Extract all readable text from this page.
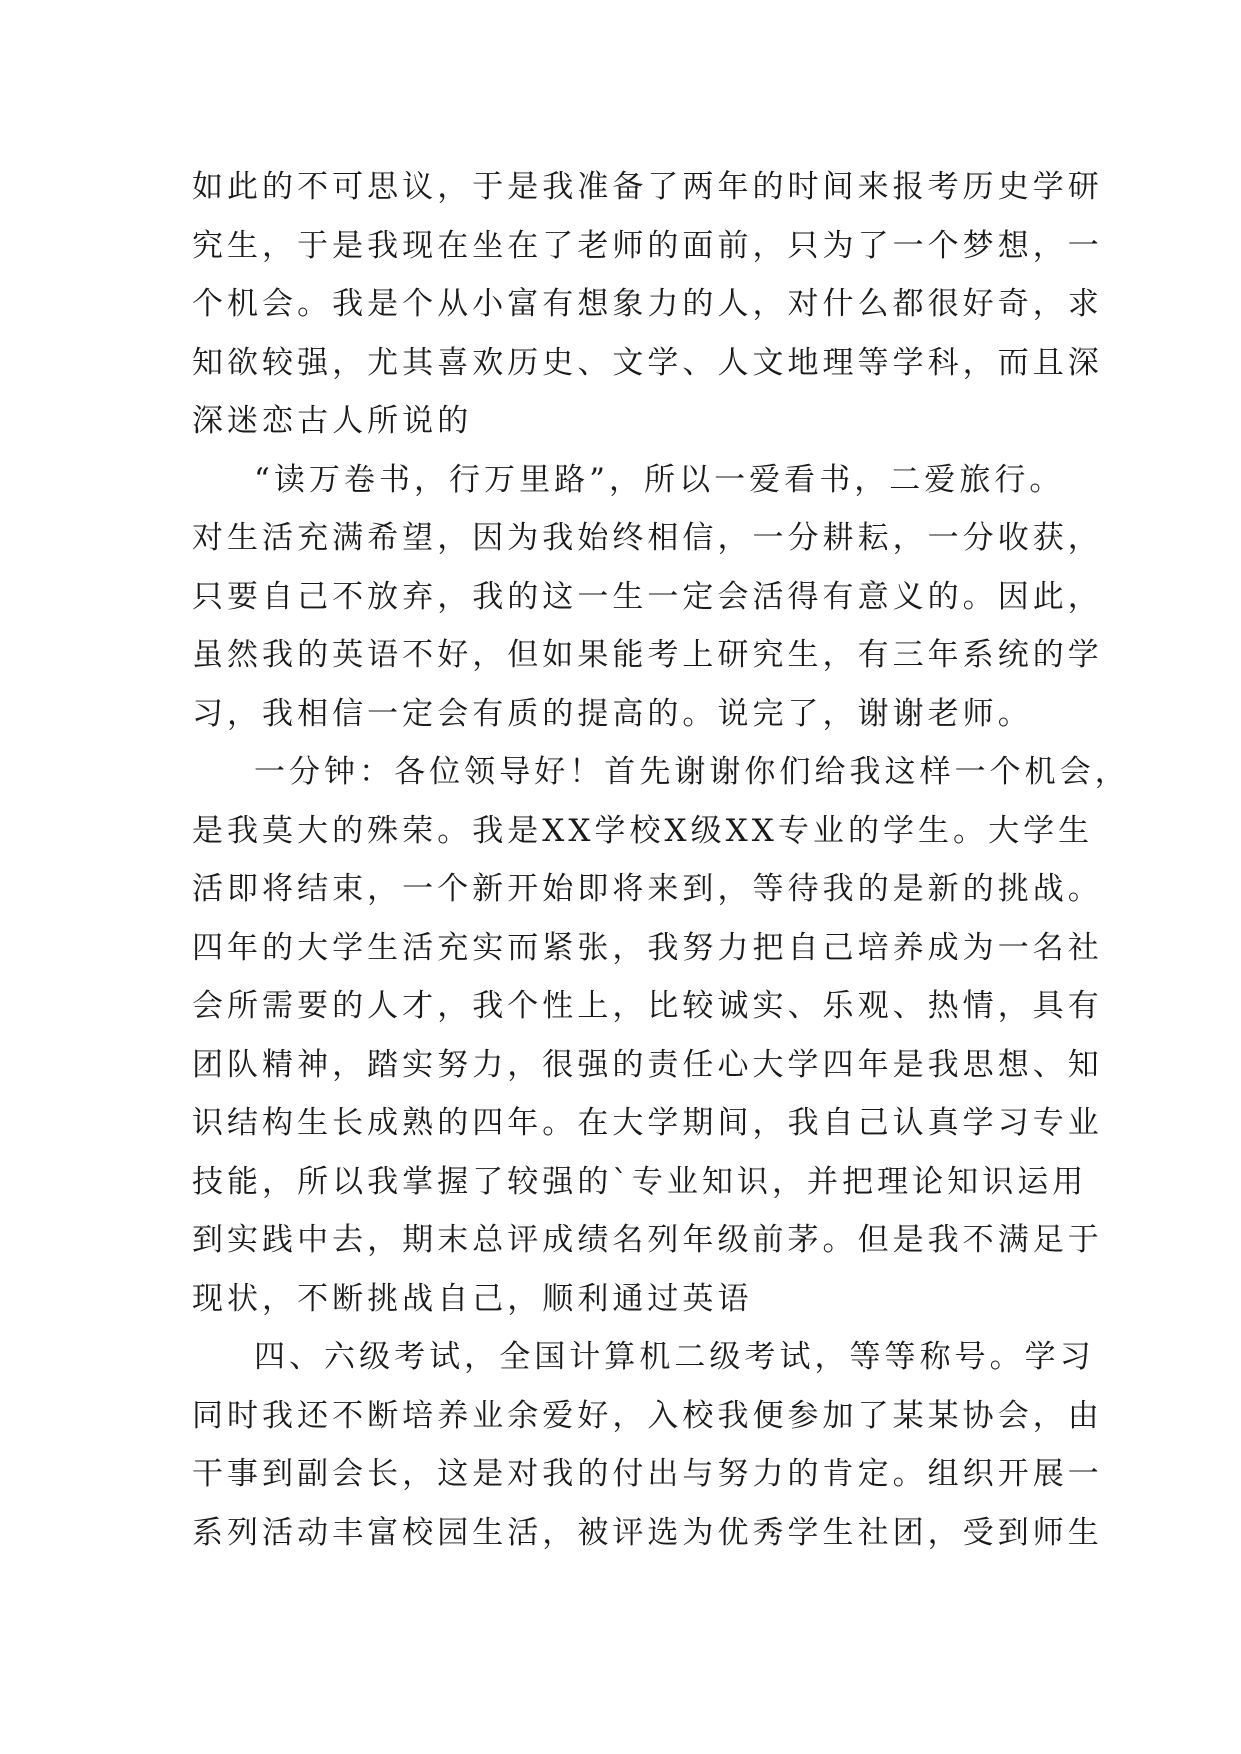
如此的不可思议，于是我准备了两年的时间来报考历史学研
究生，于是我现在坐在了老师的面前，只为了一个梦想，一
个机会。我是个从小富有想象力的人，对什么都很好奇，求
知欲较强，尤其喜欢历史、文学、人文地理等学科，而且深
深迷恋古人所说的
“读万卷书，行万里路”，所以一爱看书，二爱旅行。
对生活充满希望，因为我始终相信，一分耕耘，一分收获，
只要自己不放弃，我的这一生一定会活得有意义的。因此，
虽然我的英语不好，但如果能考上研究生，有三年系统的学
习，我相信一定会有质的提高的。说完了，谢谢老师。
一分钟：各位领导好！首先谢谢你们给我这样一个机会，
是我莫大的殊荣。我是XX学校X级XX专业的学生。大学生
活即将结束，一个新开始即将来到，等待我的是新的挑战。
四年的大学生活充实而紧张，我努力把自己培养成为一名社
会所需要的人才，我个性上，比较诚实、乐观、热情，具有
团队精神，踏实努力，很强的责任心大学四年是我思想、知
识结构生长成熟的四年。在大学期间，我自己认真学习专业
技能，所以我掌握了较强的`专业知识，并把理论知识运用
到实践中去，期末总评成绩名列年级前茅。但是我不满足于
现状，不断挑战自己，顺利通过英语
四、六级考试，全国计算机二级考试，等等称号。学习
同时我还不断培养业余爱好，入校我便参加了某某协会，由
干事到副会长，这是对我的付出与努力的肯定。组织开展一
系列活动丰富校园生活，被评选为优秀学生社团，受到师生
